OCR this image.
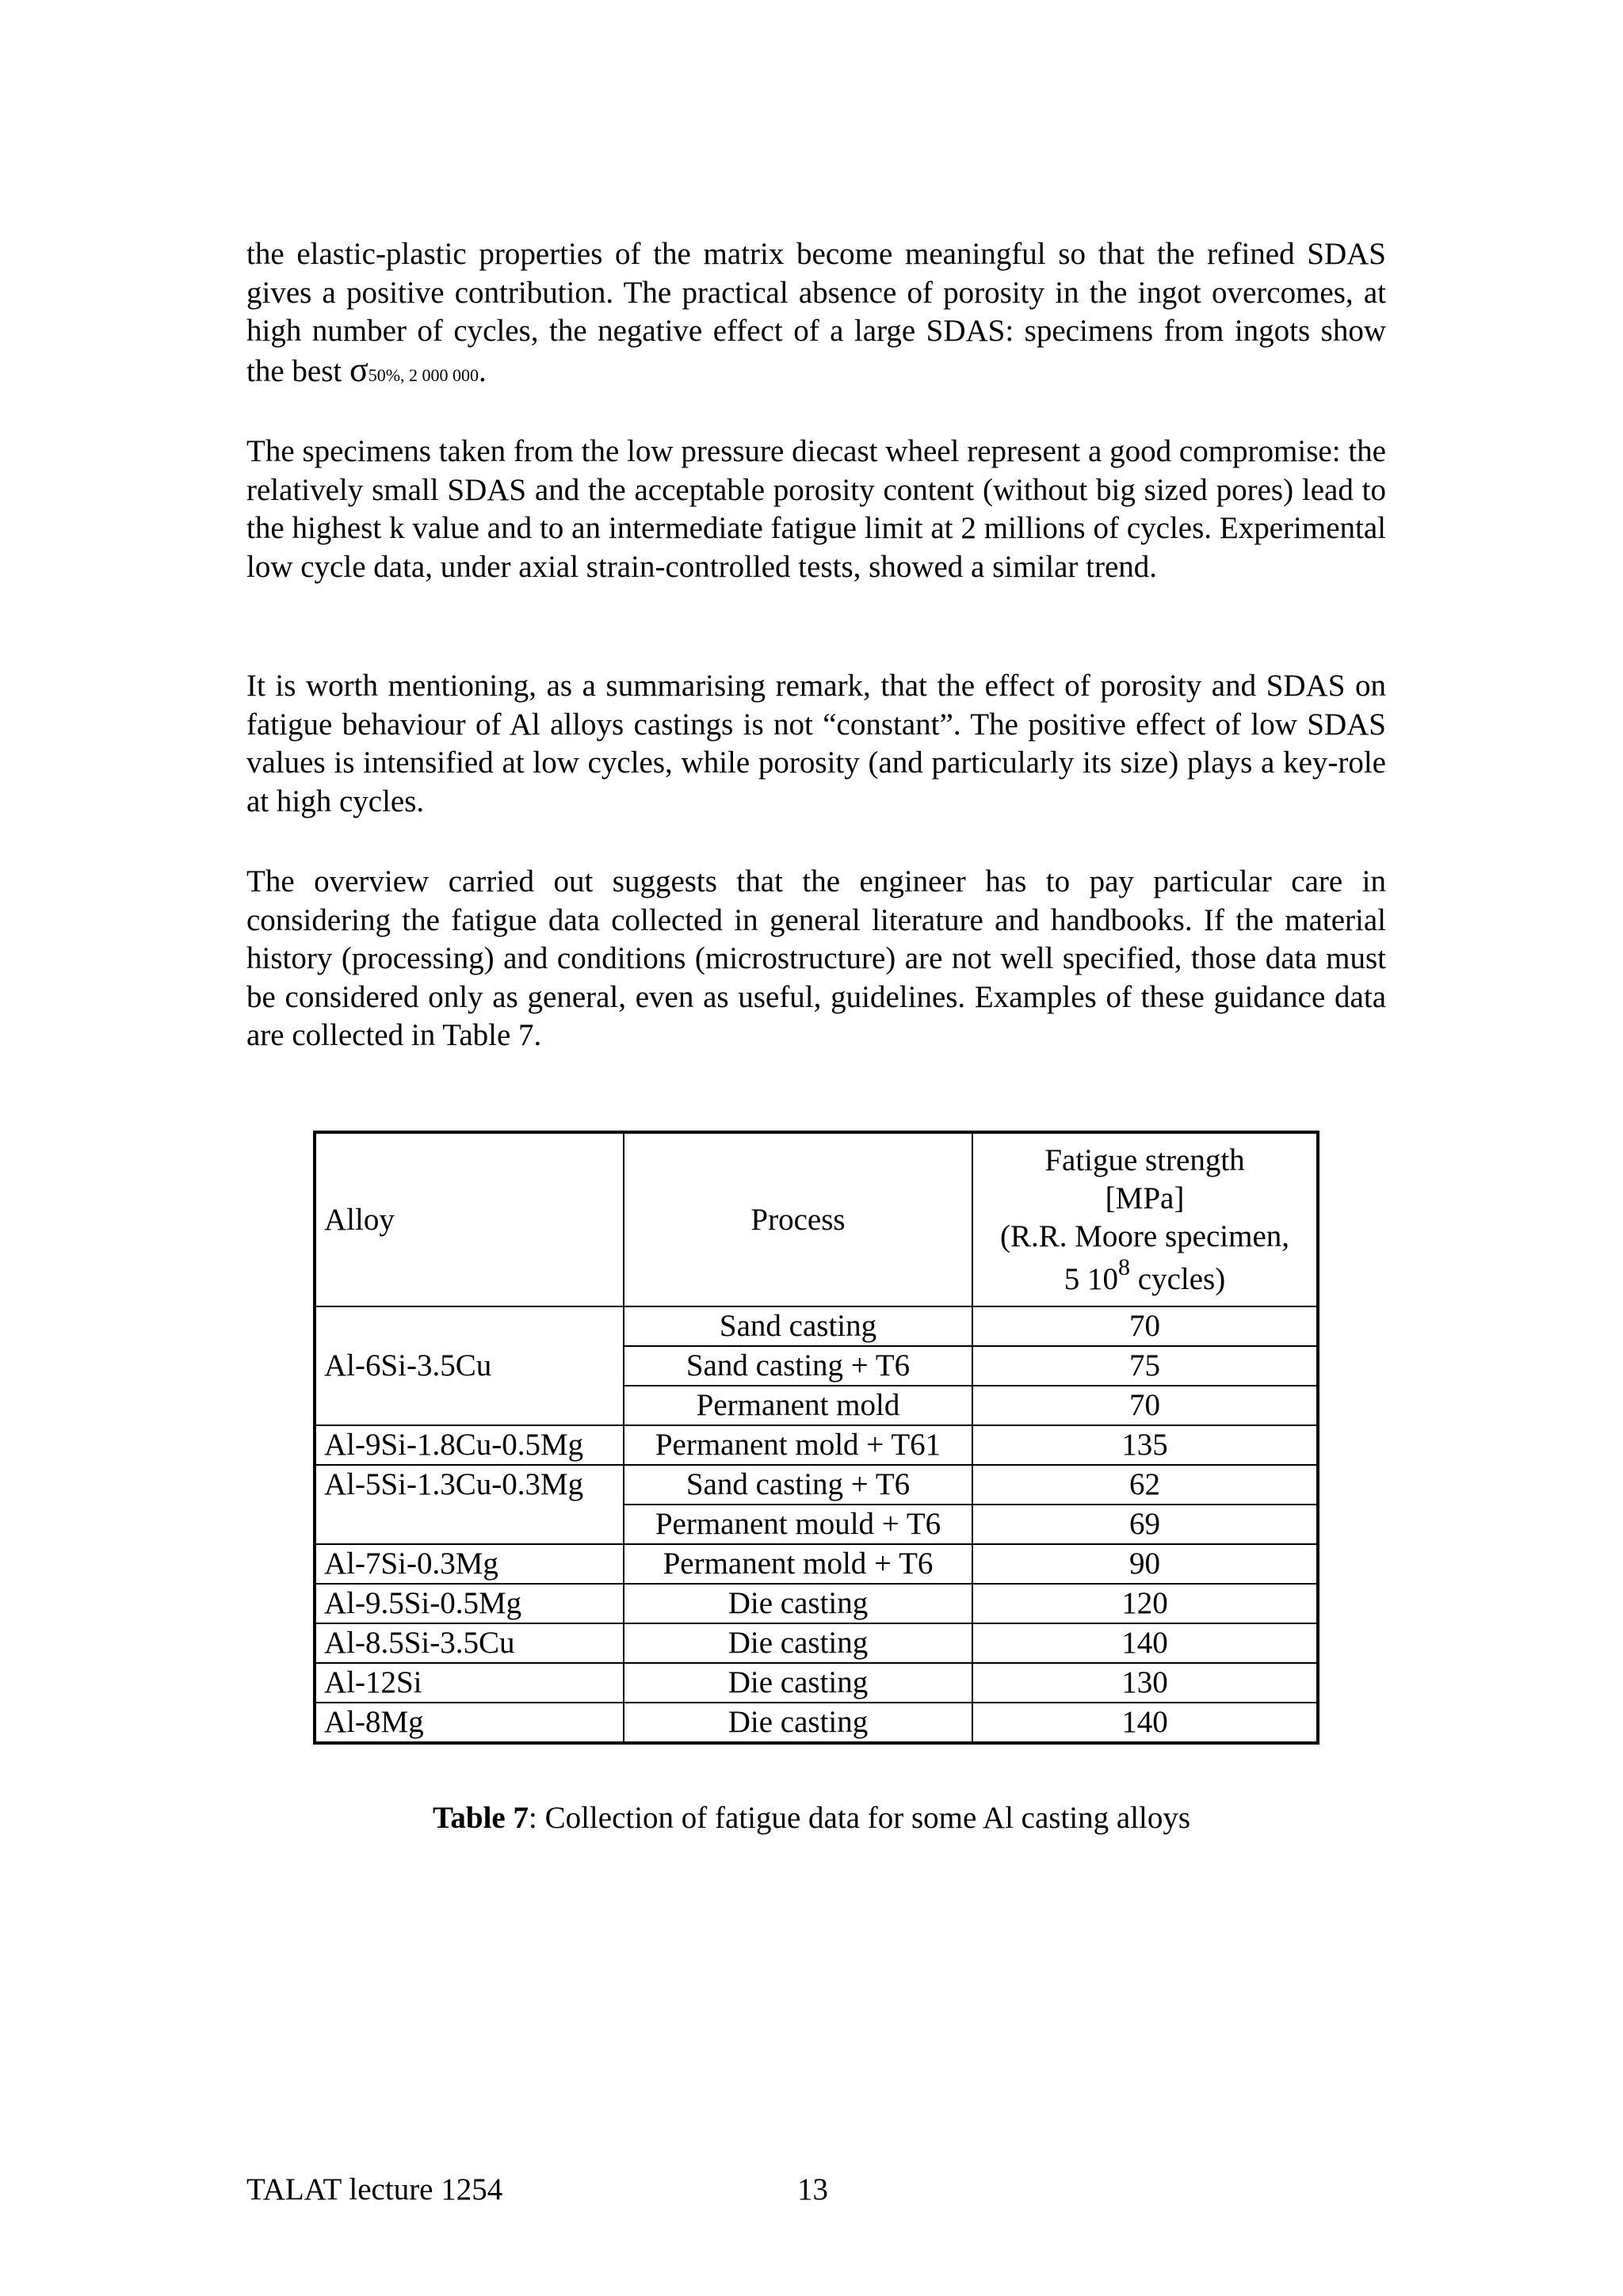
the elastic-plastic properties of the matrix become meaningful so that the refined SDAS gives a positive contribution. The practical absence of porosity in the ingot overcomes, at high number of cycles, the negative effect of a large SDAS: specimens from ingots show the best σ50%, 2 000 000.

The specimens taken from the low pressure diecast wheel represent a good compromise: the relatively small SDAS and the acceptable porosity content (without big sized pores) lead to the highest k value and to an intermediate fatigue limit at 2 millions of cycles. Experimental low cycle data, under axial strain-controlled tests, showed a similar trend.

It is worth mentioning, as a summarising remark, that the effect of porosity and SDAS on fatigue behaviour of Al alloys castings is not “constant”. The positive effect of low SDAS values is intensified at low cycles, while porosity (and particularly its size) plays a key-role at high cycles.

The overview carried out suggests that the engineer has to pay particular care in considering the fatigue data collected in general literature and handbooks. If the material history (processing) and conditions (microstructure) are not well specified, those data must be considered only as general, even as useful, guidelines. Examples of these guidance data are collected in Table 7.

Alloy	Process	Fatigue strength
[MPa]
(R.R. Moore specimen,
5 $10^8$ cycles)

Al-6Si-3.5Cu	Sand casting	70
	Sand casting + T6	75
	Permanent mold	70
Al-9Si-1.8Cu-0.5Mg	Permanent mold + T61	135
Al-5Si-1.3Cu-0.3Mg	Sand casting + T6	62
	Permanent mould + T6	69
Al-7Si-0.3Mg	Permanent mold + T6	90
Al-9.5Si-0.5Mg	Die casting	120
Al-8.5Si-3.5Cu	Die casting	140
Al-12Si	Die casting	130
Al-8Mg	Die casting	140
Table 7: Collection of fatigue data for some Al casting alloys
TALAT lecture 1254	13
